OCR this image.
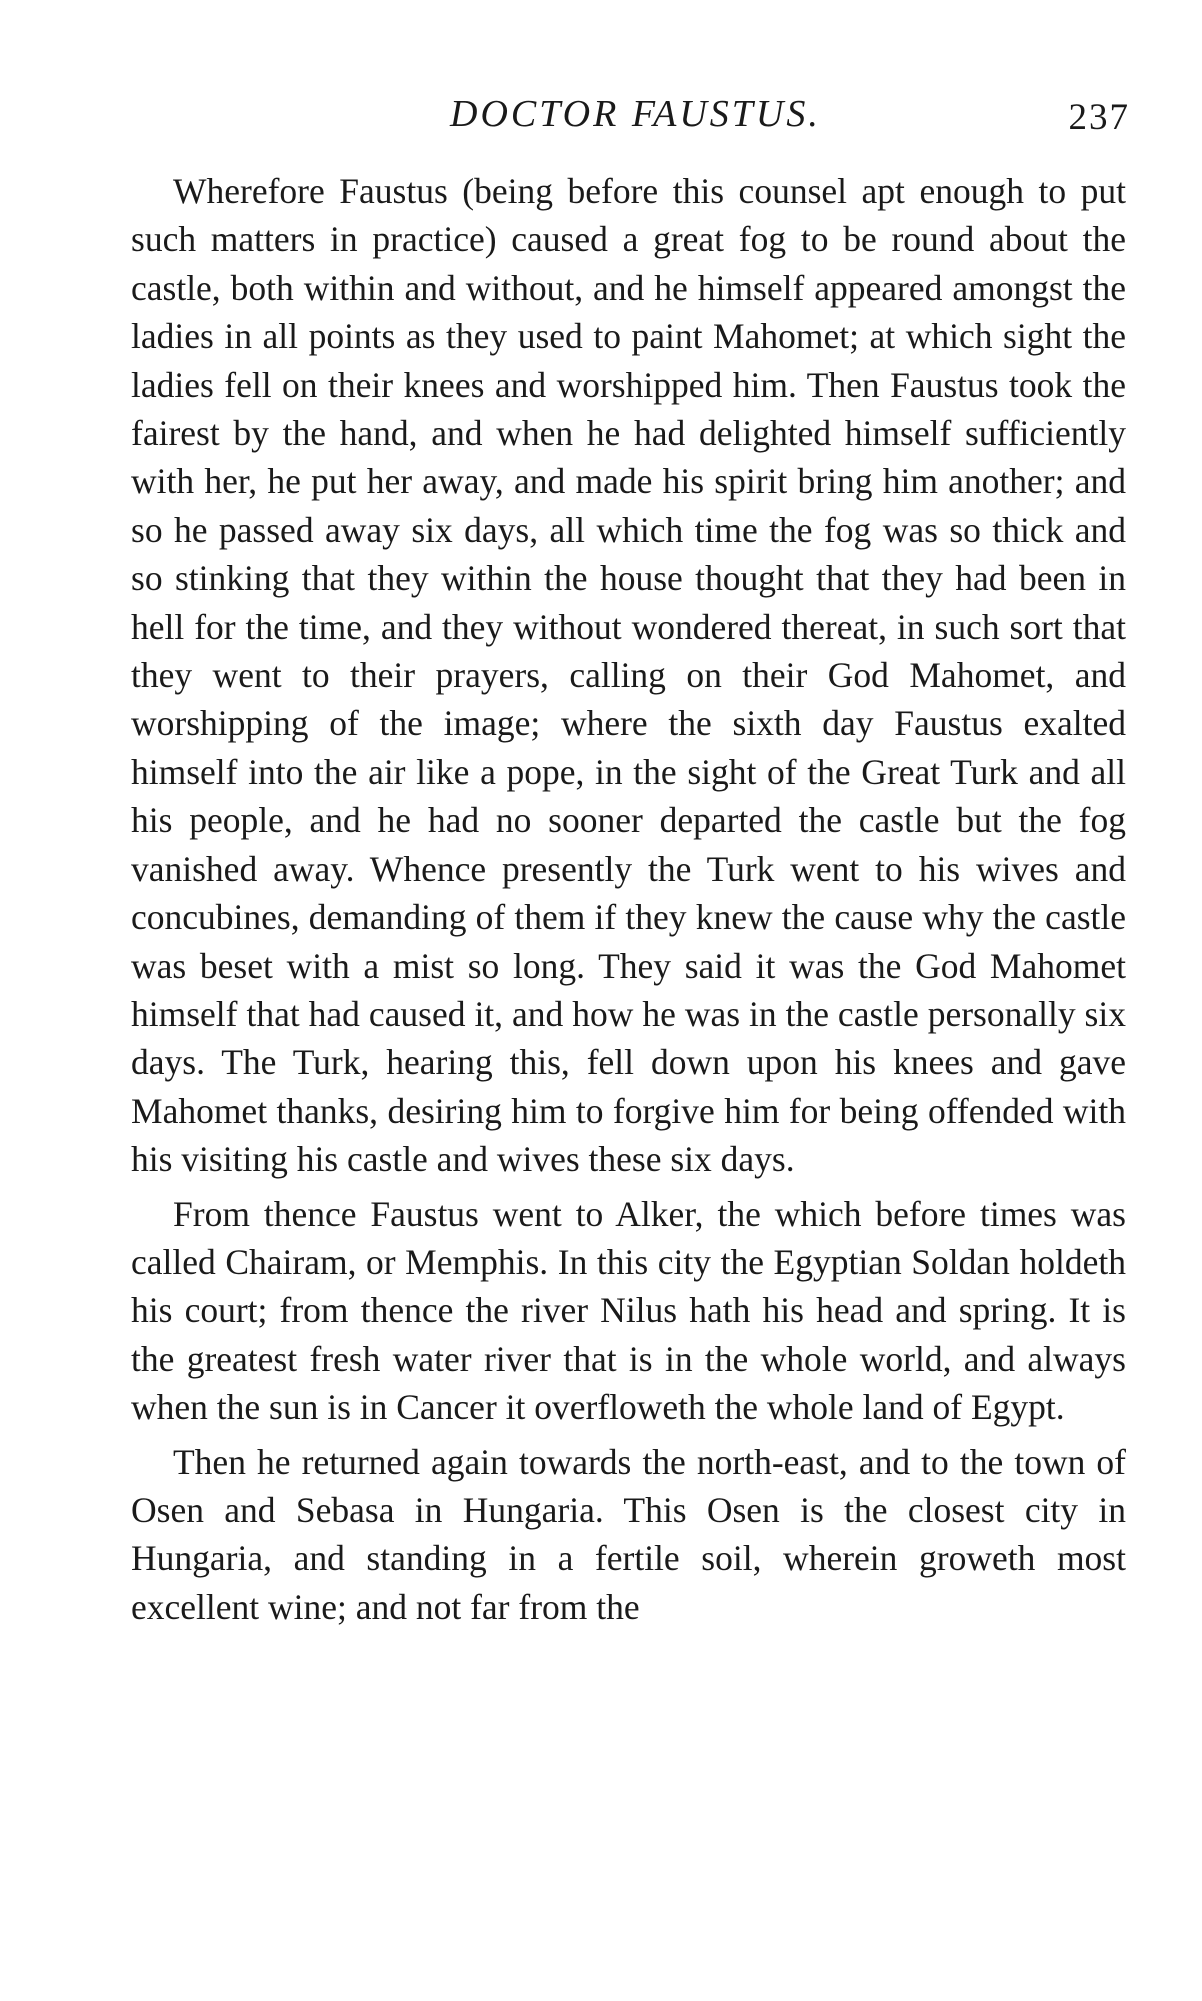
DOCTOR FAUSTUS.	237

Wherefore Faustus (being before this counsel apt enough to put such matters in practice) caused a great fog to be round about the castle, both within and without, and he himself appeared amongst the ladies in all points as they used to paint Mahomet; at which sight the ladies fell on their knees and worshipped him. Then Faustus took the fairest by the hand, and when he had delighted himself sufficiently with her, he put her away, and made his spirit bring him another; and so he passed away six days, all which time the fog was so thick and so stinking that they within the house thought that they had been in hell for the time, and they without wondered thereat, in such sort that they went to their prayers, calling on their God Mahomet, and worshipping of the image; where the sixth day Faustus exalted himself into the air like a pope, in the sight of the Great Turk and all his people, and he had no sooner departed the castle but the fog vanished away. Whence presently the Turk went to his wives and concubines, demanding of them if they knew the cause why the castle was beset with a mist so long. They said it was the God Mahomet himself that had caused it, and how he was in the castle personally six days. The Turk, hearing this, fell down upon his knees and gave Mahomet thanks, desiring him to forgive him for being offended with his visiting his castle and wives these six days.

From thence Faustus went to Alker, the which before times was called Chairam, or Memphis. In this city the Egyptian Soldan holdeth his court; from thence the river Nilus hath his head and spring. It is the greatest fresh water river that is in the whole world, and always when the sun is in Cancer it overfloweth the whole land of Egypt.

Then he returned again towards the north-east, and to the town of Osen and Sebasa in Hungaria. This Osen is the closest city in Hungaria, and standing in a fertile soil, wherein groweth most excellent wine; and not far from the
